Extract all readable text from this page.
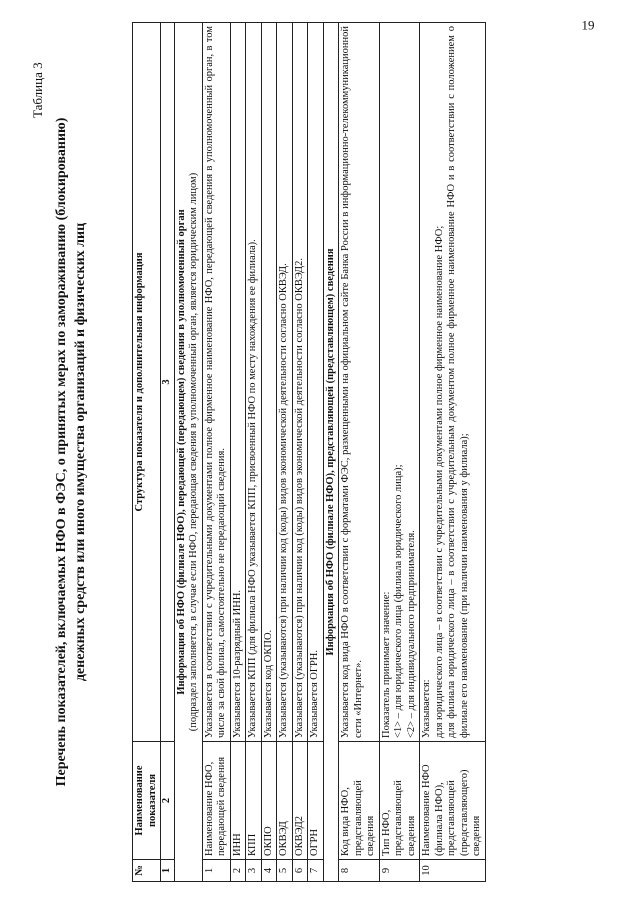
Таблица 3
19
Перечень показателей, включаемых НФО в ФЭС, о принятых мерах по замораживанию (блокированию) денежных средств или иного имущества организаций и физических лиц
№	Наименование показателя	Структура показателя и дополнительная информация
1	2	3

Информация об НФО (филиале НФО), передающей (передающем) сведения в уполномоченный орган (подраздел заполняется, в случае если НФО, передающая сведения в уполномоченный орган, является юридическим лицом)		

1	Наименование НФО, передающей сведения	Указывается в соответствии с учредительными документами полное фирменное наименование НФО, передающей сведения в уполномоченный орган, в том числе за свой филиал, самостоятельно не передающий сведения.
2	ИНН	Указывается 10-разрядный ИНН.
3	КПП	Указывается КПП (для филиала НФО указывается КПП, присвоенный НФО по месту нахождения ее филиала).
4	ОКПО	Указывается код ОКПО.
5	ОКВЭД	Указывается (указываются) при наличии код (коды) видов экономической деятельности согласно ОКВЭД.
6	ОКВЭД2	Указывается (указываются) при наличии код (коды) видов экономической деятельности согласно ОКВЭД2.
7	ОГРН	Указывается ОГРН.
Информация об НФО (филиале НФО), представляющей (представляющем) сведения		
8	Код вида НФО, представляющей сведения	Указывается код вида НФО в соответствии с форматами ФЭС, размещенными на официальном сайте Банка России в информационно-телекоммуникационной сети «Интернет».
9	Тип НФО, представляющей сведения	Показатель принимает значение: <1> – для юридического лица (филиала юридического лица); <2> – для индивидуального предпринимателя.

10	Наименование НФО (филиала НФО), представляющей (представляющего) сведения	Указывается: для юридического лица – в соответствии с учредительными документами полное фирменное наименование НФО; для филиала юридического лица – в соответствии с учредительным документом полное фирменное наименование НФО и в соответствии с положением о филиале его наименование (при наличии наименования у филиала);
